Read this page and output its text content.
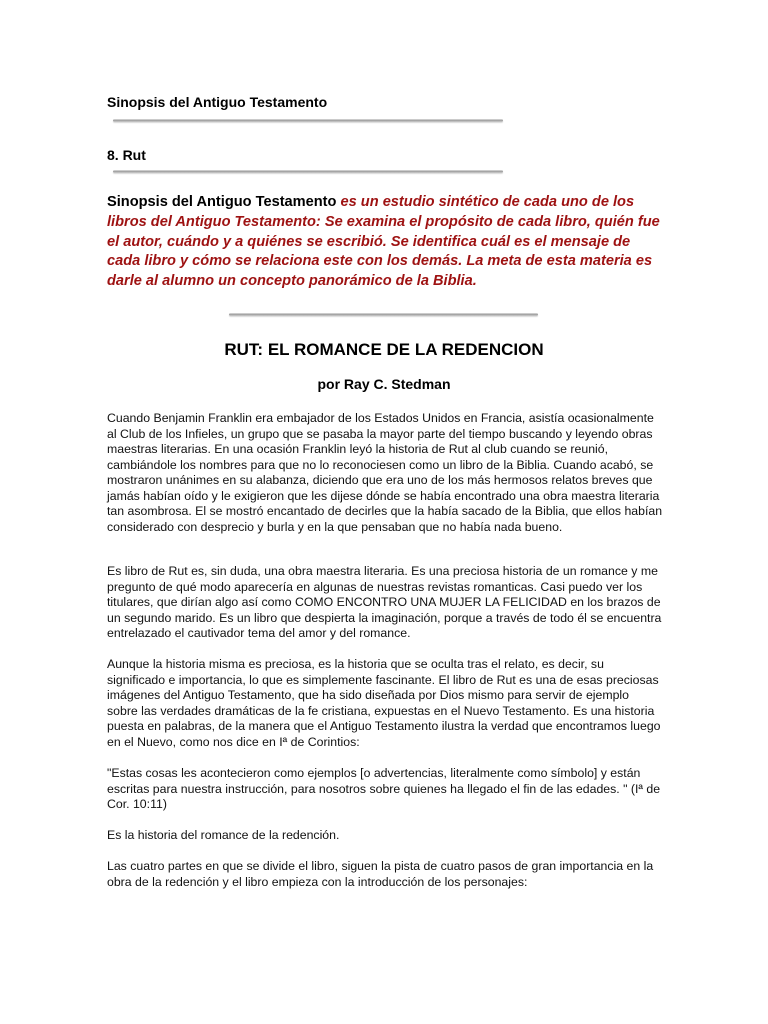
Sinopsis del Antiguo Testamento

8. Rut

Sinopsis del Antiguo Testamento es un estudio sintético de cada uno de los libros del Antiguo Testamento: Se examina el propósito de cada libro, quién fue el autor, cuándo y a quiénes se escribió. Se identifica cuál es el mensaje de cada libro y cómo se relaciona este con los demás. La meta de esta materia es darle al alumno un concepto panorámico de la Biblia.

RUT: EL ROMANCE DE LA REDENCION

por Ray C. Stedman

Cuando Benjamin Franklin era embajador de los Estados Unidos en Francia, asistía ocasionalmente al Club de los Infieles, un grupo que se pasaba la mayor parte del tiempo buscando y leyendo obras maestras literarias. En una ocasión Franklin leyó la historia de Rut al club cuando se reunió, cambiándole los nombres para que no lo reconociesen como un libro de la Biblia. Cuando acabó, se mostraron unánimes en su alabanza, diciendo que era uno de los más hermosos relatos breves que jamás habían oído y le exigieron que les dijese dónde se había encontrado una obra maestra literaria tan asombrosa. El se mostró encantado de decirles que la había sacado de la Biblia, que ellos habían considerado con desprecio y burla y en la que pensaban que no había nada bueno.

Es libro de Rut es, sin duda, una obra maestra literaria. Es una preciosa historia de un romance y me pregunto de qué modo aparecería en algunas de nuestras revistas romanticas. Casi puedo ver los titulares, que dirían algo así como COMO ENCONTRO UNA MUJER LA FELICIDAD en los brazos de un segundo marido. Es un libro que despierta la imaginación, porque a través de todo él se encuentra entrelazado el cautivador tema del amor y del romance.

Aunque la historia misma es preciosa, es la historia que se oculta tras el relato, es decir, su significado e importancia, lo que es simplemente fascinante. El libro de Rut es una de esas preciosas imágenes del Antiguo Testamento, que ha sido diseñada por Dios mismo para servir de ejemplo sobre las verdades dramáticas de la fe cristiana, expuestas en el Nuevo Testamento. Es una historia puesta en palabras, de la manera que el Antiguo Testamento ilustra la verdad que encontramos luego en el Nuevo, como nos dice en Iª de Corintios:

"Estas cosas les acontecieron como ejemplos [o advertencias, literalmente como símbolo] y están escritas para nuestra instrucción, para nosotros sobre quienes ha llegado el fin de las edades. " (Iª de Cor. 10:11)

Es la historia del romance de la redención.

Las cuatro partes en que se divide el libro, siguen la pista de cuatro pasos de gran importancia en la obra de la redención y el libro empieza con la introducción de los personajes:
